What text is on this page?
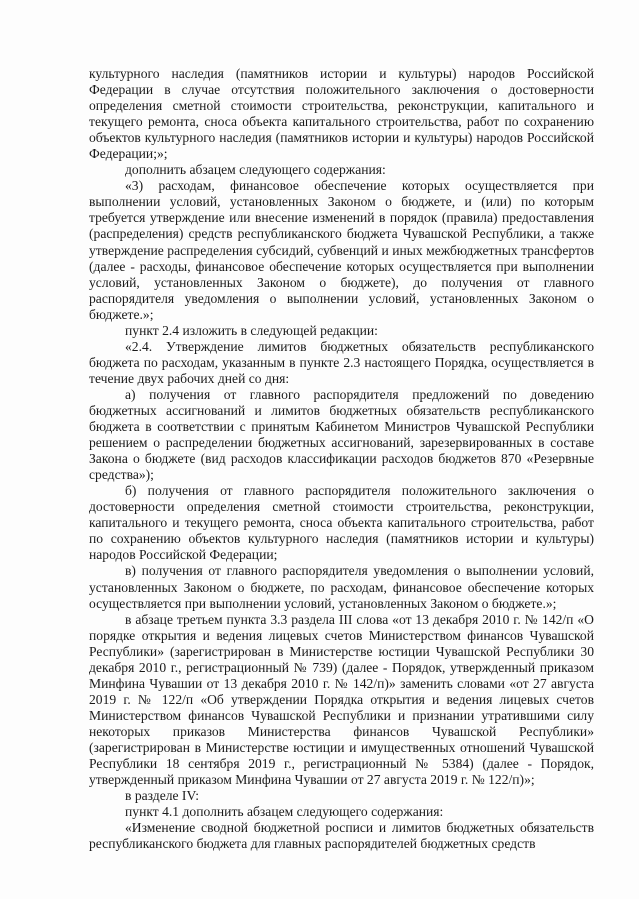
культурного наследия (памятников истории и культуры) народов Российской Федерации в случае отсутствия положительного заключения о достоверности определения сметной стоимости строительства, реконструкции, капитального и текущего ремонта, сноса объекта капитального строительства, работ по сохранению объектов культурного наследия (памятников истории и культуры) народов Российской Федерации;»;

дополнить абзацем следующего содержания:

«3) расходам, финансовое обеспечение которых осуществляется при выполнении условий, установленных Законом о бюджете, и (или) по которым требуется утверждение или внесение изменений в порядок (правила) предоставления (распределения) средств республиканского бюджета Чувашской Республики, а также утверждение распределения субсидий, субвенций и иных межбюджетных трансфертов (далее - расходы, финансовое обеспечение которых осуществляется при выполнении условий, установленных Законом о бюджете), до получения от главного распорядителя уведомления о выполнении условий, установленных Законом о бюджете.»;

пункт 2.4 изложить в следующей редакции:

«2.4. Утверждение лимитов бюджетных обязательств республиканского бюджета по расходам, указанным в пункте 2.3 настоящего Порядка, осуществляется в течение двух рабочих дней со дня:

а) получения от главного распорядителя предложений по доведению бюджетных ассигнований и лимитов бюджетных обязательств республиканского бюджета в соответствии с принятым Кабинетом Министров Чувашской Республики решением о распределении бюджетных ассигнований, зарезервированных в составе Закона о бюджете (вид расходов классификации расходов бюджетов 870 «Резервные средства»);

б) получения от главного распорядителя положительного заключения о достоверности определения сметной стоимости строительства, реконструкции, капитального и текущего ремонта, сноса объекта капитального строительства, работ по сохранению объектов культурного наследия (памятников истории и культуры) народов Российской Федерации;

в) получения от главного распорядителя уведомления о выполнении условий, установленных Законом о бюджете, по расходам, финансовое обеспечение которых осуществляется при выполнении условий, установленных Законом о бюджете.»;

в абзаце третьем пункта 3.3 раздела III слова «от 13 декабря 2010 г. № 142/п «О порядке открытия и ведения лицевых счетов Министерством финансов Чувашской Республики» (зарегистрирован в Министерстве юстиции Чувашской Республики 30 декабря 2010 г., регистрационный № 739) (далее - Порядок, утвержденный приказом Минфина Чувашии от 13 декабря 2010 г. № 142/п)» заменить словами «от 27 августа 2019 г. № 122/п «Об утверждении Порядка открытия и ведения лицевых счетов Министерством финансов Чувашской Республики и признании утратившими силу некоторых приказов Министерства финансов Чувашской Республики» (зарегистрирован в Министерстве юстиции и имущественных отношений Чувашской Республики 18 сентября 2019 г., регистрационный № 5384) (далее - Порядок, утвержденный приказом Минфина Чувашии от 27 августа 2019 г. № 122/п)»;

в разделе IV:

пункт 4.1 дополнить абзацем следующего содержания:

«Изменение сводной бюджетной росписи и лимитов бюджетных обязательств республиканского бюджета для главных распорядителей бюджетных средств
